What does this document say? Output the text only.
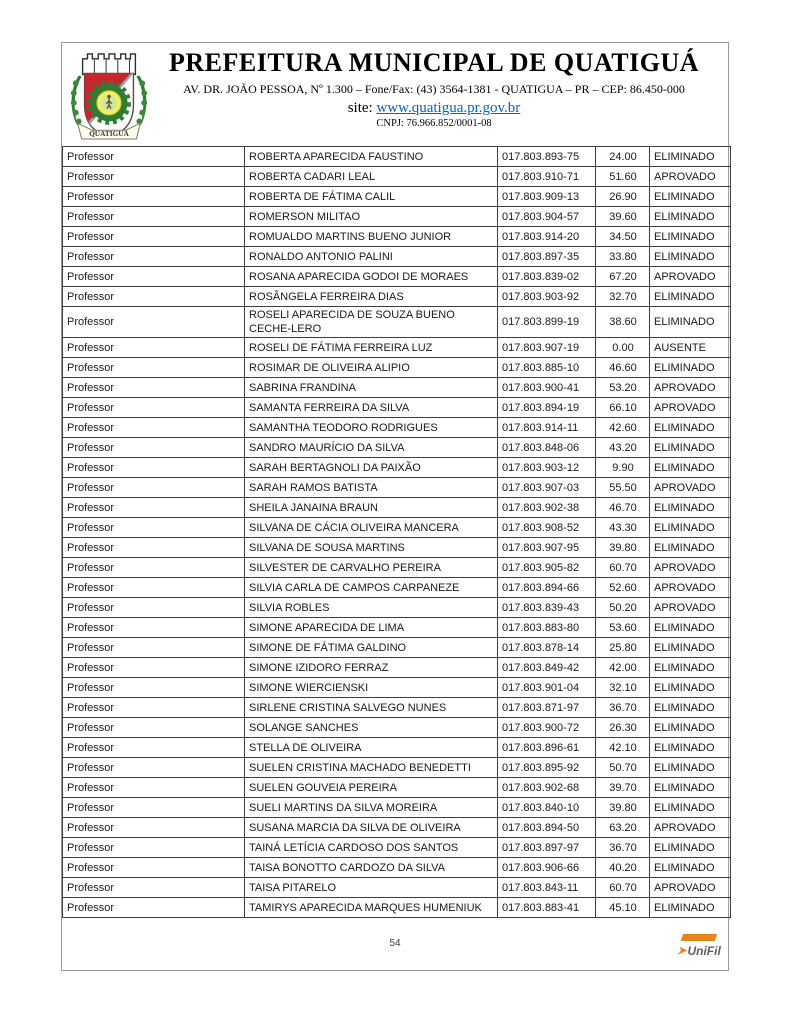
QUATIGUÁ
PREFEITURA MUNICIPAL DE QUATIGUÁ
AV. DR. JOÃO PESSOA, Nº 1.300 – Fone/Fax: (43) 3564-1381 - QUATIGUA – PR – CEP: 86.450-000
site: www.quatigua.pr.gov.br
CNPJ: 76.966.852/0001-08
Professor	ROBERTA APARECIDA FAUSTINO	017.803.893-75	24.00	ELIMINADO
Professor	ROBERTA CADARI LEAL	017.803.910-71	51.60	APROVADO
Professor	ROBERTA DE FÁTIMA CALIL	017.803.909-13	26.90	ELIMINADO
Professor	ROMERSON MILITAO	017.803.904-57	39.60	ELIMINADO
Professor	ROMUALDO MARTINS BUENO JUNIOR	017.803.914-20	34.50	ELIMINADO
Professor	RONALDO ANTONIO PALINI	017.803.897-35	33.80	ELIMINADO
Professor	ROSANA APARECIDA GODOI DE MORAES	017.803.839-02	67.20	APROVADO
Professor	ROSÂNGELA FERREIRA DIAS	017.803.903-92	32.70	ELIMINADO
Professor	ROSELI APARECIDA DE SOUZA BUENO CECHE-LERO	017.803.899-19	38.60	ELIMINADO
Professor	ROSELI DE FÁTIMA FERREIRA LUZ	017.803.907-19	0.00	AUSENTE
Professor	ROSIMAR DE OLIVEIRA ALIPIO	017.803.885-10	46.60	ELIMINADO
Professor	SABRINA FRANDINA	017.803.900-41	53.20	APROVADO
Professor	SAMANTA FERREIRA DA SILVA	017.803.894-19	66.10	APROVADO
Professor	SAMANTHA TEODORO RODRIGUES	017.803.914-11	42.60	ELIMINADO
Professor	SANDRO MAURÍCIO DA SILVA	017.803.848-06	43.20	ELIMINADO
Professor	SARAH BERTAGNOLI DA PAIXÃO	017.803.903-12	9.90	ELIMINADO
Professor	SARAH RAMOS BATISTA	017.803.907-03	55.50	APROVADO
Professor	SHEILA JANAINA BRAUN	017.803.902-38	46.70	ELIMINADO
Professor	SILVANA DE CÁCIA OLIVEIRA MANCERA	017.803.908-52	43.30	ELIMINADO
Professor	SILVANA DE SOUSA MARTINS	017.803.907-95	39.80	ELIMINADO
Professor	SILVESTER DE CARVALHO PEREIRA	017.803.905-82	60.70	APROVADO
Professor	SILVIA CARLA DE CAMPOS CARPANEZE	017.803.894-66	52.60	APROVADO
Professor	SILVIA ROBLES	017.803.839-43	50.20	APROVADO
Professor	SIMONE APARECIDA DE LIMA	017.803.883-80	53.60	ELIMINADO
Professor	SIMONE DE FÁTIMA GALDINO	017.803.878-14	25.80	ELIMINADO
Professor	SIMONE IZIDORO FERRAZ	017.803.849-42	42.00	ELIMINADO
Professor	SIMONE WIERCIENSKI	017.803.901-04	32.10	ELIMINADO
Professor	SIRLENE CRISTINA SALVEGO NUNES	017.803.871-97	36.70	ELIMINADO
Professor	SOLANGE SANCHES	017.803.900-72	26.30	ELIMINADO
Professor	STELLA DE OLIVEIRA	017.803.896-61	42.10	ELIMINADO
Professor	SUELEN CRISTINA MACHADO BENEDETTI	017.803.895-92	50.70	ELIMINADO
Professor	SUELEN GOUVEIA PEREIRA	017.803.902-68	39.70	ELIMINADO
Professor	SUELI MARTINS DA SILVA MOREIRA	017.803.840-10	39.80	ELIMINADO
Professor	SUSANA MARCIA DA SILVA DE OLIVEIRA	017.803.894-50	63.20	APROVADO
Professor	TAINÁ LETÍCIA CARDOSO DOS SANTOS	017.803.897-97	36.70	ELIMINADO
Professor	TAISA BONOTTO CARDOZO DA SILVA	017.803.906-66	40.20	ELIMINADO
Professor	TAISA PITARELO	017.803.843-11	60.70	APROVADO
Professor	TAMIRYS APARECIDA MARQUES HUMENIUK	017.803.883-41	45.10	ELIMINADO
54
➤ UniFil
